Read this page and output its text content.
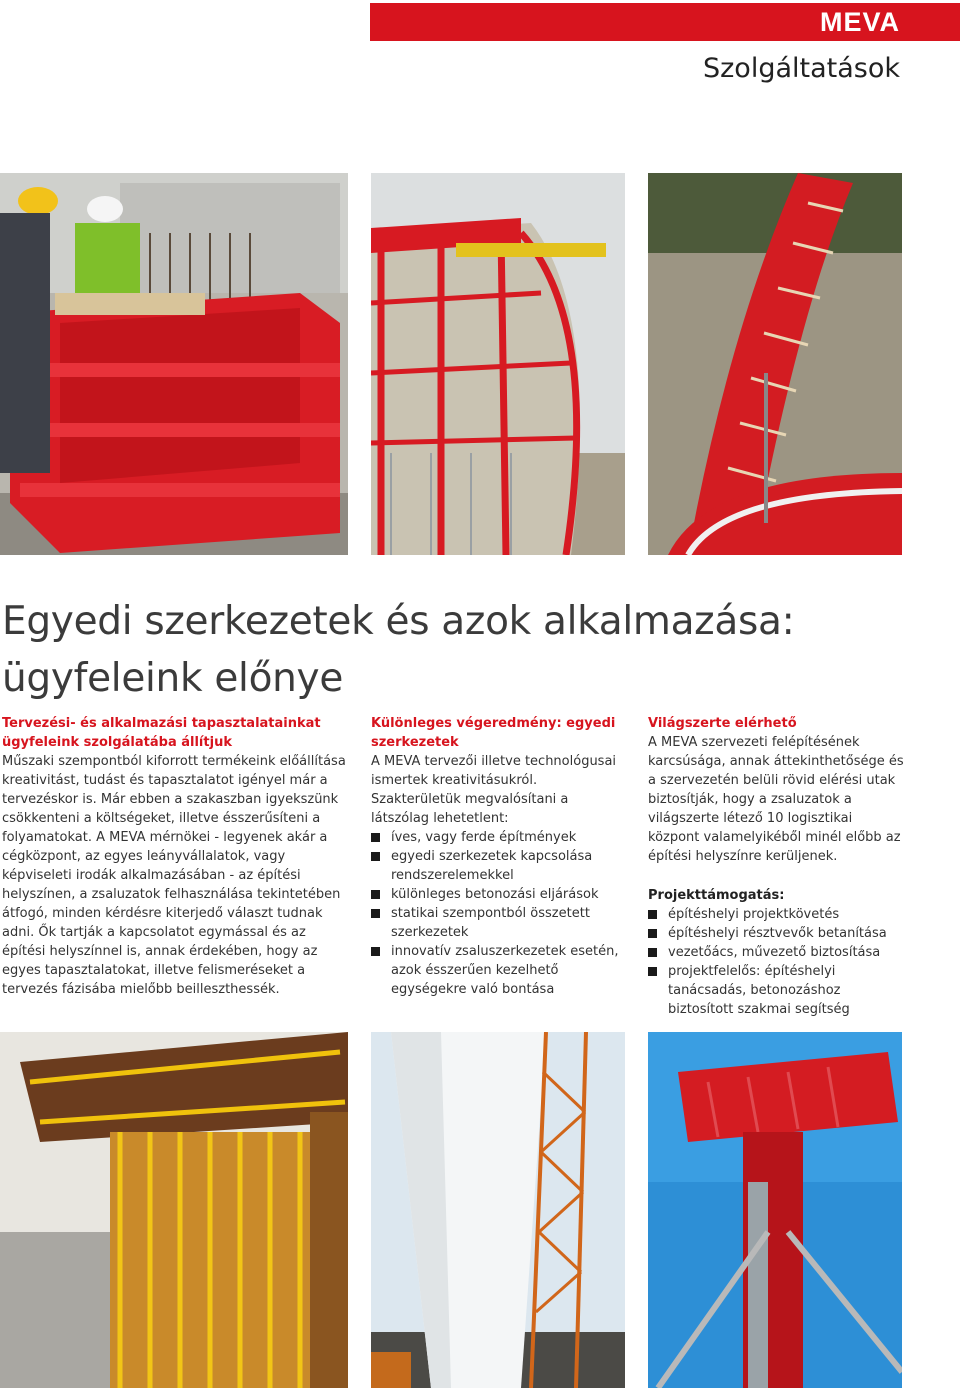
MEVA
Szolgáltatások
Egyedi szerkezetek és azok alkalmazása:
ügyfeleink előnye
Tervezési- és alkalmazási tapasztalatainkat ügyfeleink szolgálatába állítjuk

Műszaki szempontból kiforrott termékeink előállítása kreativitást, tudást és tapasztalatot igényel már a tervezéskor is. Már ebben a szakaszban igyekszünk csökkenteni a költségeket, illetve ésszerűsíteni a folyamatokat. A MEVA mérnökei - legyenek akár a cégközpont, az egyes leányvállalatok, vagy képviseleti irodák alkalmazásában - az építési helyszínen, a zsaluzatok felhasználása tekintetében átfogó, minden kérdésre kiterjedő választ tudnak adni. Ők tartják a kapcsolatot egymással és az építési helyszínnel is, annak érdekében, hogy az egyes tapasztalatokat, illetve felismeréseket a tervezés fázisába mielőbb beilleszthessék.

Különleges végeredmény: egyedi szerkezetek

A MEVA tervezői illetve technológusai ismertek kreativitásukról. Szakterületük megvalósítani a látszólag lehetetlent:

íves, vagy ferde építmények
egyedi szerkezetek kapcsolása rendszerelemekkel
különleges betonozási eljárások
statikai szempontból összetett szerkezetek
innovatív zsaluszerkezetek esetén, azok ésszerűen kezelhető egységekre való bontása
Világszerte elérhető

A MEVA szervezeti felépítésének karcsúsága, annak áttekinthetősége és a szervezetén belüli rövid elérési utak biztosítják, hogy a zsaluzatok a világszerte létező 10 logisztikai központ valamelyikéből minél előbb az építési helyszínre kerüljenek.

Projekttámogatás:
építéshelyi projektkövetés
építéshelyi résztvevők betanítása
vezetőács, művezető biztosítása
projektfelelős: építéshelyi tanácsadás, betonozáshoz biztosított szakmai segítség
